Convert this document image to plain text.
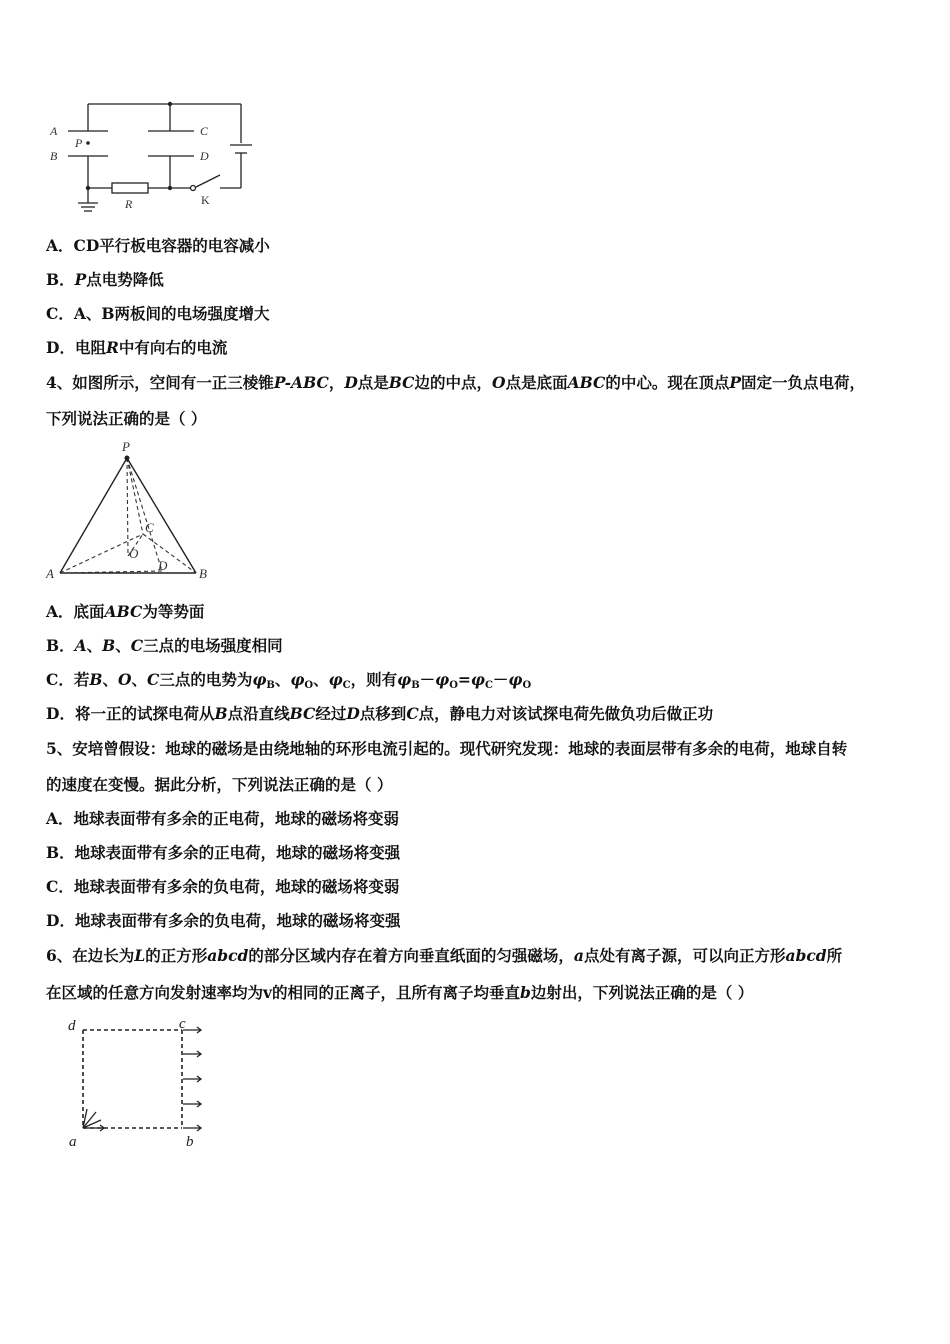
A
B
P
C
D
R	K
A．CD平行板电容器的电容减小
B．P点电势降低
C．A、B两板间的电场强度增大
D．电阻R中有向右的电流
4、如图所示，空间有一正三棱锥P-ABC，D点是BC边的中点，O点是底面ABC的中心。现在顶点P固定一负点电荷，
下列说法正确的是（ ）
P
C
O
A
D
B
A．底面ABC为等势面
B．A、B、C三点的电场强度相同
C．若B、O、C三点的电势为$\varphi_B$、$\varphi_O$、$\varphi_C$，则有$\varphi_B-\varphi_O=\varphi_C-\varphi_O$
D．将一正的试探电荷从B点沿直线BC经过D点移到C点，静电力对该试探电荷先做负功后做正功
5、安培曾假设：地球的磁场是由绕地轴的环形电流引起的。现代研究发现：地球的表面层带有多余的电荷，地球自转
的速度在变慢。据此分析，下列说法正确的是（ ）
A．地球表面带有多余的正电荷，地球的磁场将变弱
B．地球表面带有多余的正电荷，地球的磁场将变强
C．地球表面带有多余的负电荷，地球的磁场将变弱
D．地球表面带有多余的负电荷，地球的磁场将变强
6、在边长为L的正方形abcd的部分区域内存在着方向垂直纸面的匀强磁场，a点处有离子源，可以向正方形abcd所
在区域的任意方向发射速率均为v的相同的正离子，且所有离子均垂直b边射出，下列说法正确的是（ ）
d	c
a	b
